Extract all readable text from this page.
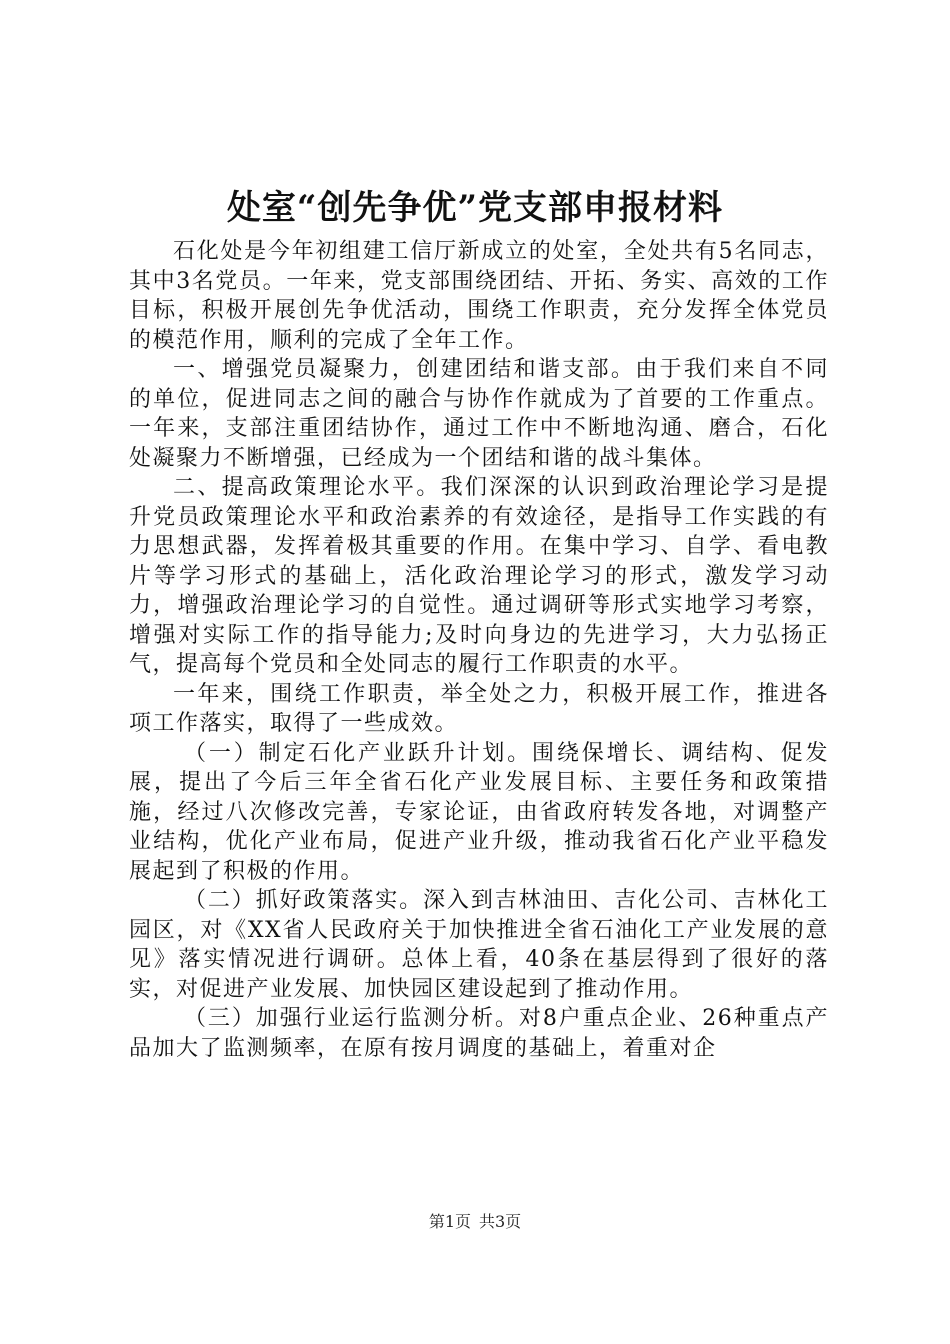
处室“创先争优”党支部申报材料

石化处是今年初组建工信厅新成立的处室，全处共有5名同志，其中3名党员。一年来，党支部围绕团结、开拓、务实、高效的工作目标，积极开展创先争优活动，围绕工作职责，充分发挥全体党员的模范作用，顺利的完成了全年工作。

一、增强党员凝聚力，创建团结和谐支部。由于我们来自不同的单位，促进同志之间的融合与协作作就成为了首要的工作重点。一年来，支部注重团结协作，通过工作中不断地沟通、磨合，石化处凝聚力不断增强，已经成为一个团结和谐的战斗集体。

二、提高政策理论水平。我们深深的认识到政治理论学习是提升党员政策理论水平和政治素养的有效途径，是指导工作实践的有力思想武器，发挥着极其重要的作用。在集中学习、自学、看电教片等学习形式的基础上，活化政治理论学习的形式，激发学习动力，增强政治理论学习的自觉性。通过调研等形式实地学习考察，增强对实际工作的指导能力;及时向身边的先进学习，大力弘扬正气，提高每个党员和全处同志的履行工作职责的水平。

一年来，围绕工作职责，举全处之力，积极开展工作，推进各项工作落实，取得了一些成效。

（一）制定石化产业跃升计划。围绕保增长、调结构、促发展，提出了今后三年全省石化产业发展目标、主要任务和政策措施，经过八次修改完善，专家论证，由省政府转发各地，对调整产业结构，优化产业布局，促进产业升级，推动我省石化产业平稳发展起到了积极的作用。

（二）抓好政策落实。深入到吉林油田、吉化公司、吉林化工园区，对《XX省人民政府关于加快推进全省石油化工产业发展的意见》落实情况进行调研。总体上看，40条在基层得到了很好的落实，对促进产业发展、加快园区建设起到了推动作用。

（三）加强行业运行监测分析。对8户重点企业、26种重点产品加大了监测频率，在原有按月调度的基础上，着重对企

第1页 共3页
